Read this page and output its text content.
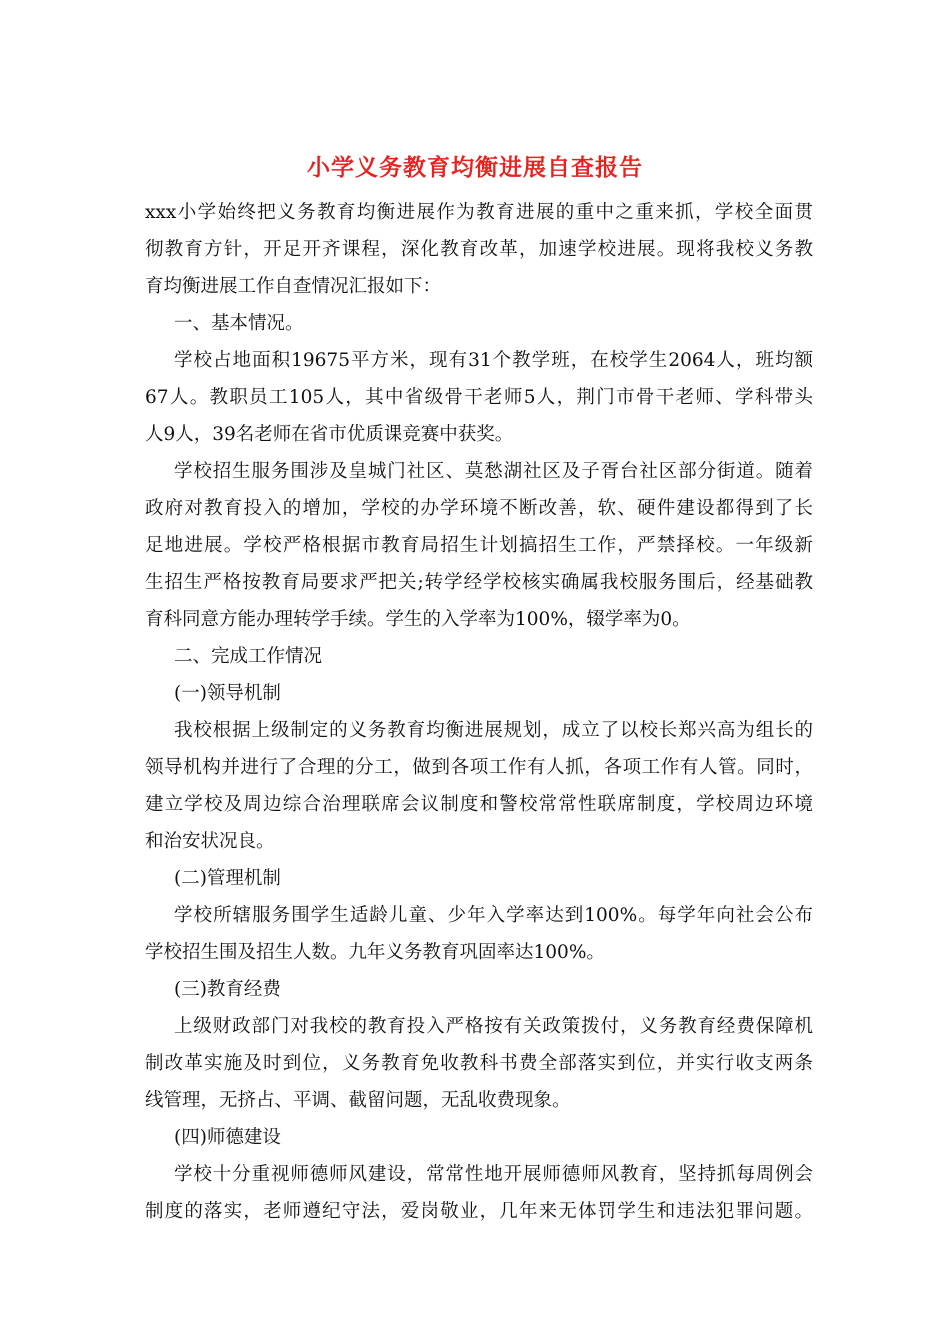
小学义务教育均衡进展自查报告
xxx小学始终把义务教育均衡进展作为教育进展的重中之重来抓，学校全面贯
彻教育方针，开足开齐课程，深化教育改革，加速学校进展。现将我校义务教
育均衡进展工作自查情况汇报如下：
一、基本情况。
学校占地面积19675平方米，现有31个教学班，在校学生2064人，班均额
67人。教职员工105人，其中省级骨干老师5人，荆门市骨干老师、学科带头
人9人，39名老师在省市优质课竞赛中获奖。
学校招生服务围涉及皇城门社区、莫愁湖社区及子胥台社区部分街道。随着
政府对教育投入的增加，学校的办学环境不断改善，软、硬件建设都得到了长
足地进展。学校严格根据市教育局招生计划搞招生工作，严禁择校。一年级新
生招生严格按教育局要求严把关;转学经学校核实确属我校服务围后，经基础教
育科同意方能办理转学手续。学生的入学率为100%，辍学率为0。
二、完成工作情况
(一)领导机制
我校根据上级制定的义务教育均衡进展规划，成立了以校长郑兴高为组长的
领导机构并进行了合理的分工，做到各项工作有人抓，各项工作有人管。同时，
建立学校及周边综合治理联席会议制度和警校常常性联席制度，学校周边环境
和治安状况良。
(二)管理机制
学校所辖服务围学生适龄儿童、少年入学率达到100%。每学年向社会公布
学校招生围及招生人数。九年义务教育巩固率达100%。
(三)教育经费
上级财政部门对我校的教育投入严格按有关政策拨付，义务教育经费保障机
制改革实施及时到位，义务教育免收教科书费全部落实到位，并实行收支两条
线管理，无挤占、平调、截留问题，无乱收费现象。
(四)师德建设
学校十分重视师德师风建设，常常性地开展师德师风教育，坚持抓每周例会
制度的落实，老师遵纪守法，爱岗敬业，几年来无体罚学生和违法犯罪问题。
